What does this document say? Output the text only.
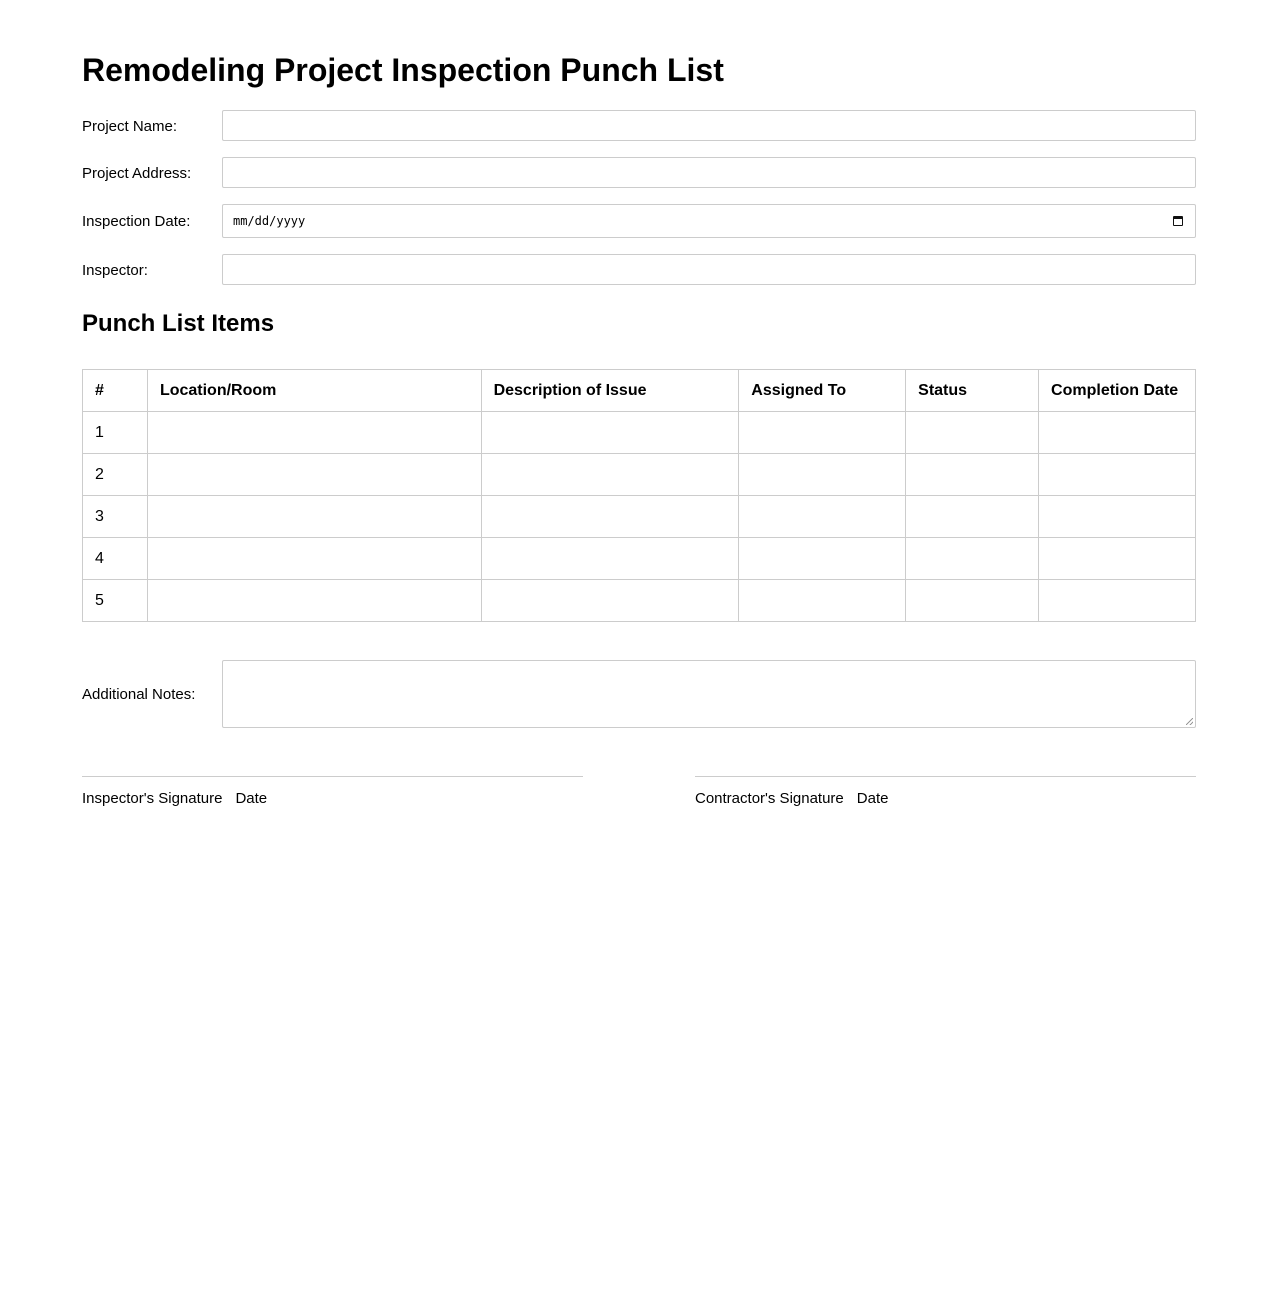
Remodeling Project Inspection Punch List
Project Name:
Project Address:
Inspection Date:	mm/dd/yyyy
Inspector:
Punch List Items
#	Location/Room	Description of Issue	Assigned To	Status	Completion Date
1					
2					
3					
4					
5					
Additional Notes:
Inspector's Signature Date	Contractor's Signature Date
